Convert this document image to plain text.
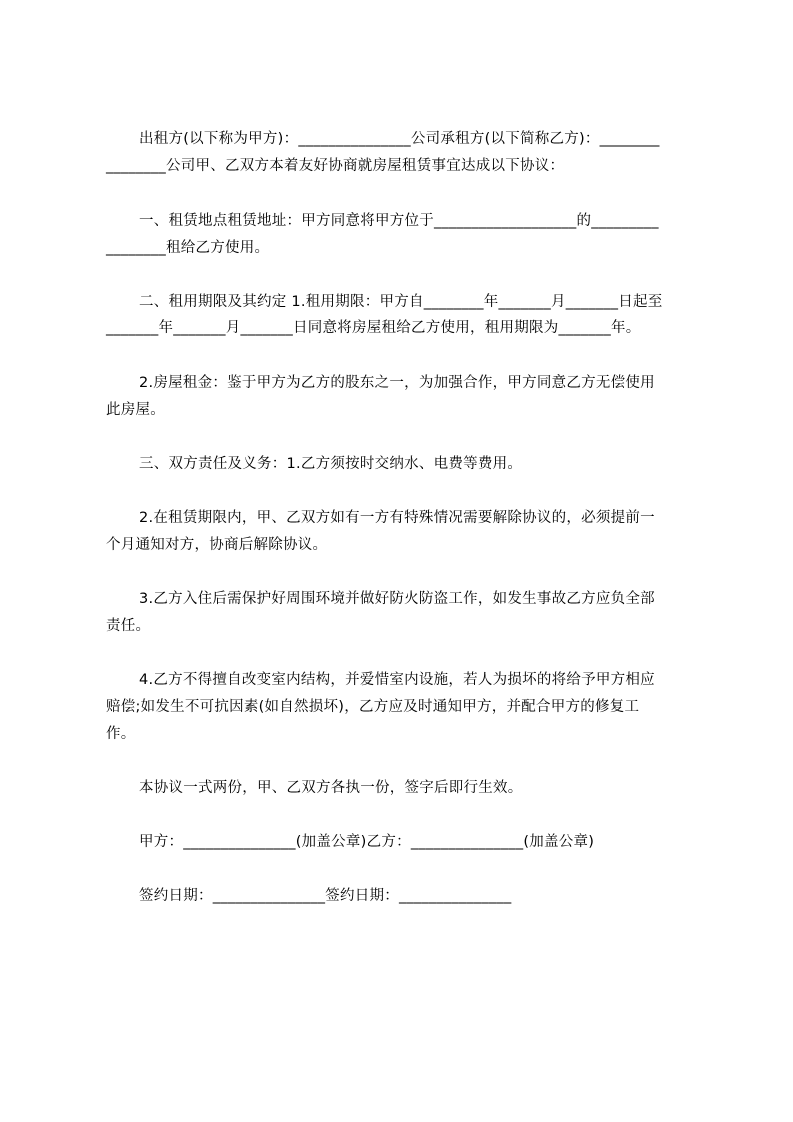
出租方(以下称为甲方)：_______________公司承租方(以下简称乙方)：________
________公司甲、乙双方本着友好协商就房屋租赁事宜达成以下协议：
一、租赁地点租赁地址：甲方同意将甲方位于___________________的_________
________租给乙方使用。
二、租用期限及其约定 1.租用期限：甲方自________年_______月_______日起至
_______年_______月_______日同意将房屋租给乙方使用，租用期限为_______年。
2.房屋租金：鉴于甲方为乙方的股东之一，为加强合作，甲方同意乙方无偿使用
此房屋。
三、双方责任及义务：1.乙方须按时交纳水、电费等费用。
2.在租赁期限内，甲、乙双方如有一方有特殊情况需要解除协议的，必须提前一
个月通知对方，协商后解除协议。
3.乙方入住后需保护好周围环境并做好防火防盗工作，如发生事故乙方应负全部
责任。
4.乙方不得擅自改变室内结构，并爱惜室内设施，若人为损坏的将给予甲方相应
赔偿;如发生不可抗因素(如自然损坏)，乙方应及时通知甲方，并配合甲方的修复工
作。
本协议一式两份，甲、乙双方各执一份，签字后即行生效。
甲方：_______________(加盖公章)乙方：_______________(加盖公章)
签约日期：_______________签约日期：_______________
